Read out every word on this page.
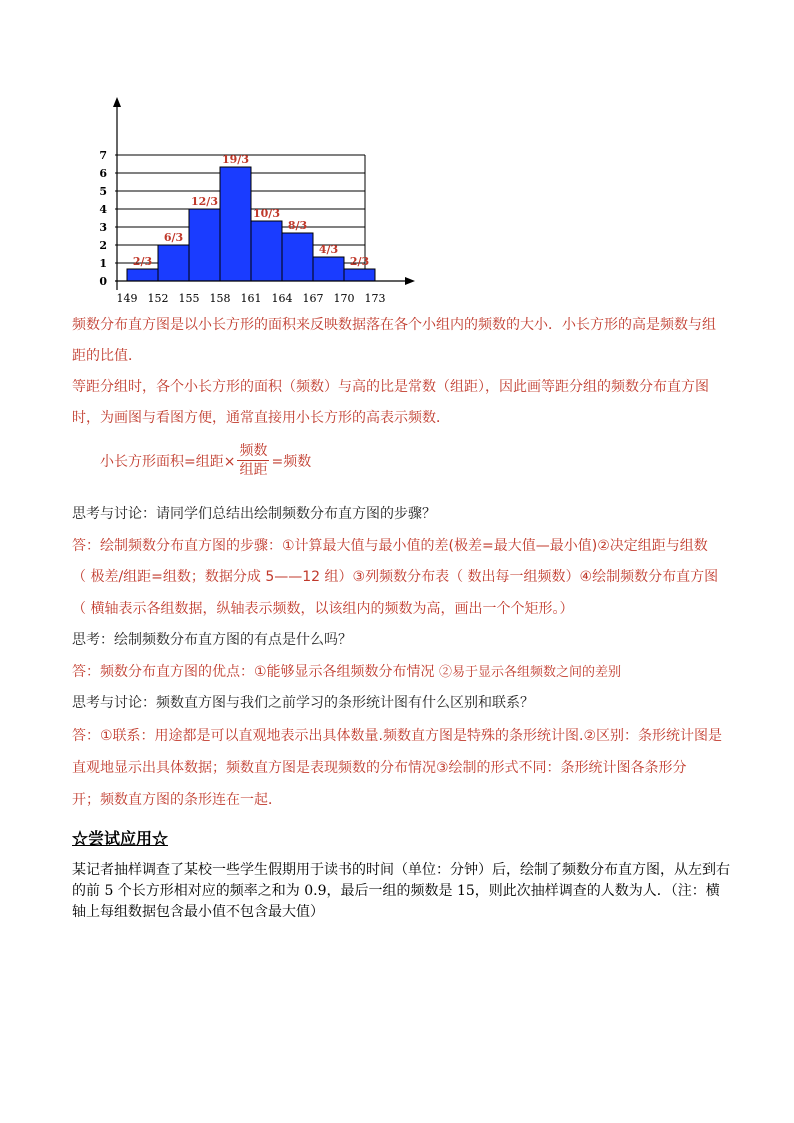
2/3
6/3
12/3
19/3
10/3
8/3
4/3
2/3
0
1
2
3
4
5
6
7
149 152 155 158 161 164 167 170 173
频数分布直方图是以小长方形的面积来反映数据落在各个小组内的频数的大小．小长方形的高是频数与组
距的比值．
等距分组时，各个小长方形的面积（频数）与高的比是常数（组距），因此画等距分组的频数分布直方图
时，为画图与看图方便，通常直接用小长方形的高表示频数．
小长方形面积=组距× $\frac{\text{频数}}{\text{组距}}$ =频数
思考与讨论：请同学们总结出绘制频数分布直方图的步骤？
答：绘制频数分布直方图的步骤：①计算最大值与最小值的差(极差=最大值—最小值)②决定组距与组数
（ 极差/组距=组数；数据分成 5——12 组）③列频数分布表（ 数出每一组频数）④绘制频数分布直方图
（ 横轴表示各组数据，纵轴表示频数，以该组内的频数为高，画出一个个矩形。）
思考：绘制频数分布直方图的有点是什么吗？
答：频数分布直方图的优点：①能够显示各组频数分布情况 ②易于显示各组频数之间的差别
思考与讨论：频数直方图与我们之前学习的条形统计图有什么区别和联系？
答：①联系：用途都是可以直观地表示出具体数量.频数直方图是特殊的条形统计图.②区别：条形统计图是
直观地显示出具体数据；频数直方图是表现频数的分布情况③绘制的形式不同：条形统计图各条形分
开；频数直方图的条形连在一起．
☆尝试应用☆
某记者抽样调查了某校一些学生假期用于读书的时间（单位：分钟）后，绘制了频数分布直方图，从左到右的前 5 个长方形相对应的频率之和为 0.9，最后一组的频数是 15，则此次抽样调查的人数为人．（注：横轴上每组数据包含最小值不包含最大值）
